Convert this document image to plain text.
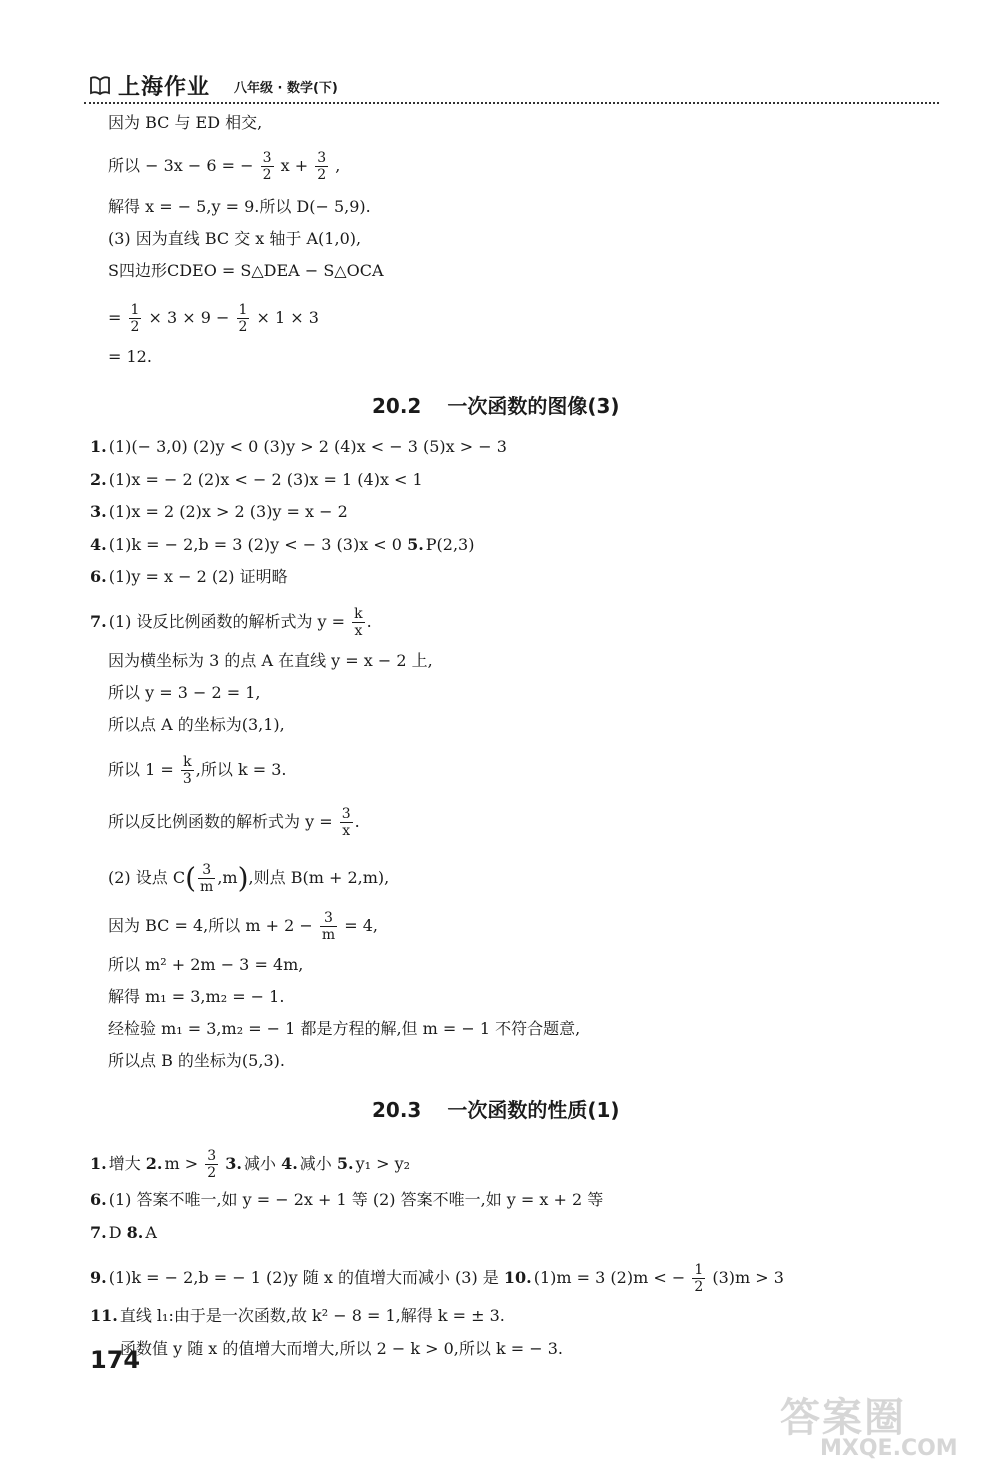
上海作业 八年级 · 数学(下)
因为 BC 与 ED 相交,
所以 − 3x − 6 = − $\frac{3}{2}$ $x + \frac{3}{2}$ ,
解得 x = − 5,y = 9.所以 D(− 5,9).
(3) 因为直线 BC 交 x 轴于 A(1,0),
S四边形CDEO = S△DEA − S△OCA
= $\frac{1}{2} \times 3 \times 9 - \frac{1}{2} \times 1 \times 3$
= 12.
20.2 一次函数的图像(3)
1. (1)(− 3,0) (2)y < 0 (3)y > 2 (4)x < − 3 (5)x > − 3
2. (1)x = − 2 (2)x < − 2 (3)x = 1 (4)x < 1
3. (1)x = 2 (2)x > 2 (3)y = x − 2
4. (1)k = − 2,b = 3 (2)y < − 3 (3)x < 0 5. P(2,3)
6. (1)y = x − 2 (2) 证明略
7. (1) 设反比例函数的解析式为 $y = \frac{k}{x}$ .
因为横坐标为 3 的点 A 在直线 y = x − 2 上,
所以 y = 3 − 2 = 1,
所以点 A 的坐标为(3,1),
所以 $1 = \frac{k}{3}$ ,所以 k = 3.
所以反比例函数的解析式为 $y = \frac{3}{x}$ .
(2) 设点 $C( \frac{3}{m} ,m)$,则点 B(m + 2,m),
因为 BC = 4,所以 $m + 2 - \frac{3}{m} = 4$,
所以 m² + 2m − 3 = 4m,
解得 m₁ = 3,m₂ = − 1.
经检验 m₁ = 3,m₂ = − 1 都是方程的解,但 m = − 1 不符合题意,
所以点 B 的坐标为(5,3).
20.3 一次函数的性质(1)
1. 增大 2. $m > \frac{3}{2} 3$. 减小 4. 减小 5. y₁ > y₂
6. (1) 答案不唯一,如 y = − 2x + 1 等 (2) 答案不唯一,如 y = x + 2 等
7. D 8. A
9. (1)k = − 2,b = − 1 (2)y 随 x 的值增大而减小 (3) 是 10. (1)m = 3 (2)m < − $\frac{1}{2} (3)m > 3$
11. 直线 l₁:由于是一次函数,故 k² − 8 = 1,解得 k = ± 3.
函数值 y 随 x 的值增大而增大,所以 2 − k > 0,所以 k = − 3.
174
答案圈
MXQE.COM
